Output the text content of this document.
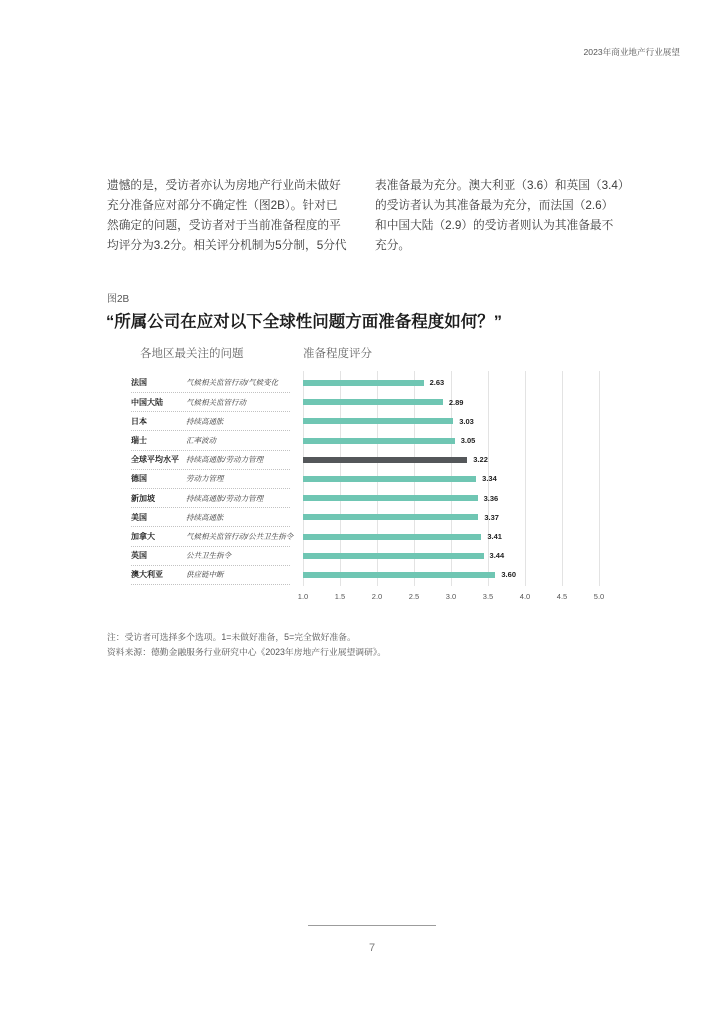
2023年商业地产行业展望
遗憾的是，受访者亦认为房地产行业尚未做好
充分准备应对部分不确定性（图2B）。针对已
然确定的问题，受访者对于当前准备程度的平
均评分为3.2分。相关评分机制为5分制，5分代
表准备最为充分。澳大利亚（3.6）和英国（3.4）
的受访者认为其准备最为充分，而法国（2.6）
和中国大陆（2.9）的受访者则认为其准备最不
充分。
图2B
“所属公司在应对以下全球性问题方面准备程度如何？”
各地区最关注的问题	准备程度评分
1.0	1.5	2.0	2.5	3.0	3.5	4.0	4.5	5.0
法国	气候相关监管行动/气候变化	2.63
中国大陆	气候相关监管行动	2.89
日本	持续高通胀	3.03
瑞士	汇率波动	3.05
全球平均水平 持续高通胀/劳动力管理	3.22
德国	劳动力管理	3.34
新加坡	持续高通胀/劳动力管理	3.36
美国	持续高通胀	3.37
加拿大	气候相关监管行动/公共卫生指令	3.41
英国	公共卫生指令	3.44
澳大利亚	供应链中断	3.60
注：受访者可选择多个选项。1=未做好准备，5=完全做好准备。
资料来源：德勤金融服务行业研究中心《2023年房地产行业展望调研》。
7
